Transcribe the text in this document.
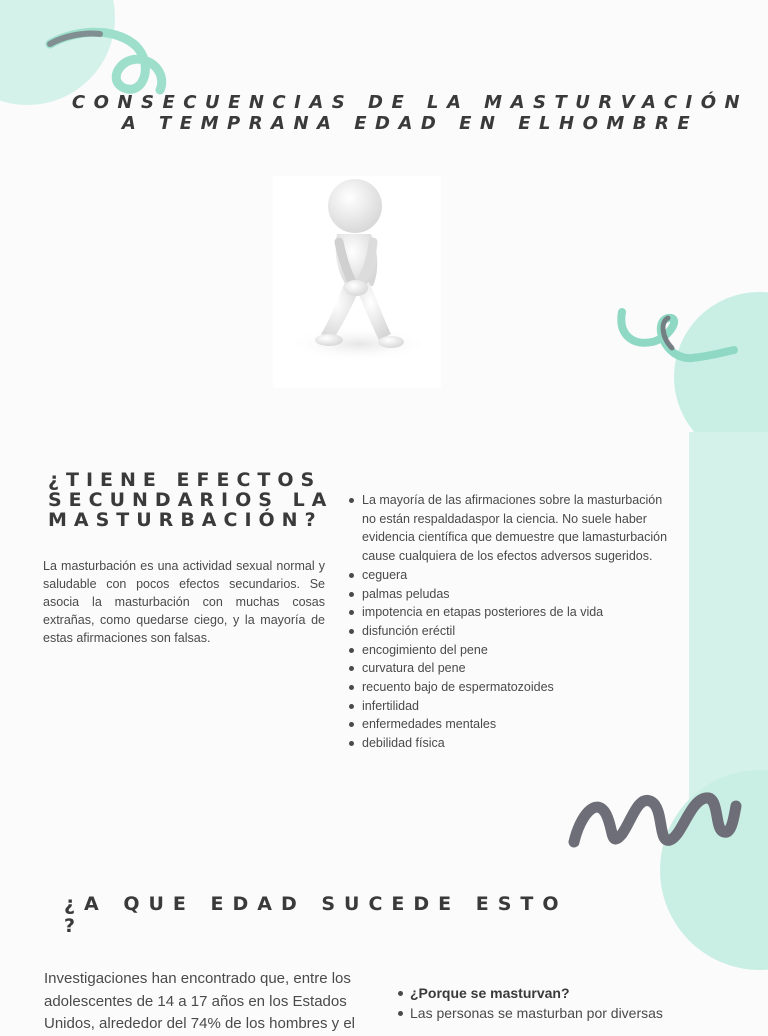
CONSECUENCIAS DE LA MASTURVACIÓN A TEMPRANA EDAD EN ELHOMBRE
¿TIENE EFECTOS SECUNDARIOS LA MASTURBACIÓN?

La masturbación es una actividad sexual normal y saludable con pocos efectos secundarios. Se asocia la masturbación con muchas cosas extrañas, como quedarse ciego, y la mayoría de estas afirmaciones son falsas.

La mayoría de las afirmaciones sobre la masturbación no están respaldadaspor la ciencia. No suele haber evidencia científica que demuestre que lamasturbación cause cualquiera de los efectos adversos sugeridos.
ceguera
palmas peludas
impotencia en etapas posteriores de la vida
disfunción eréctil
encogimiento del pene
curvatura del pene
recuento bajo de espermatozoides
infertilidad
enfermedades mentales
debilidad física
¿A QUE EDAD SUCEDE ESTO ?

Investigaciones han encontrado que, entre los adolescentes de 14 a 17 años en los Estados Unidos, alrededor del 74% de los hombres y el

¿Porque se masturvan?
Las personas se masturban por diversas
